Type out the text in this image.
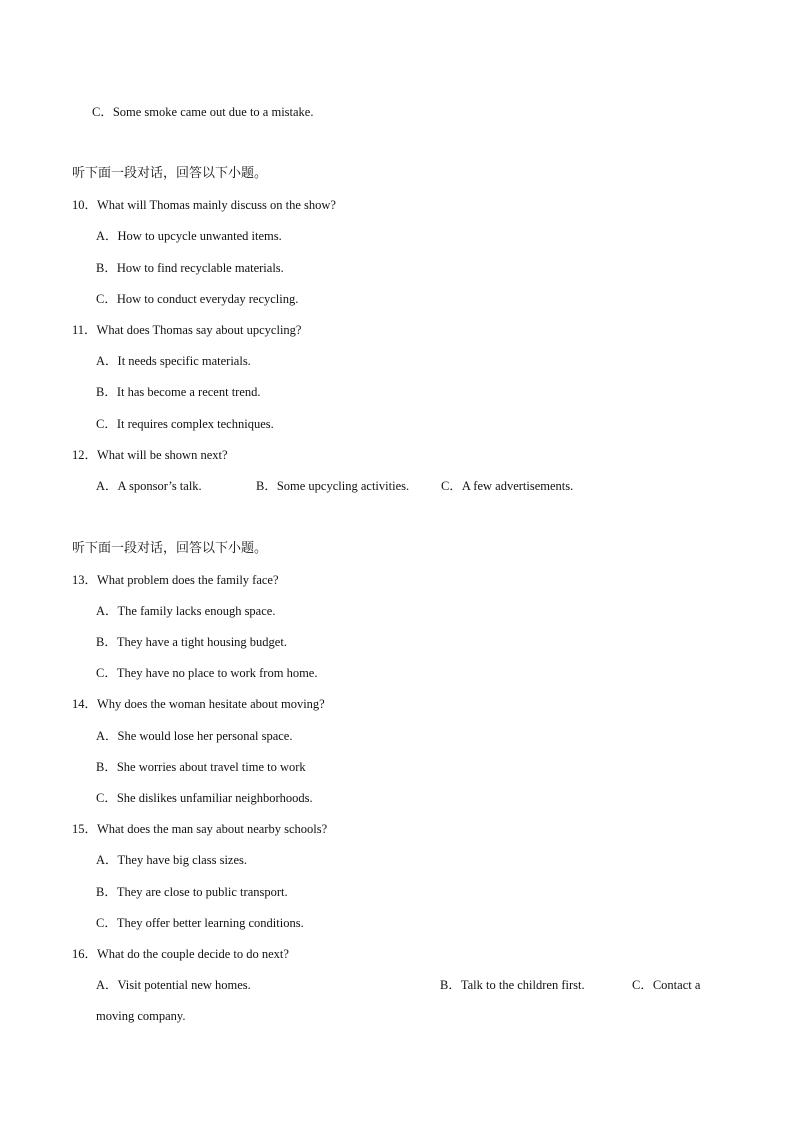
C．Some smoke came out due to a mistake.
听下面一段对话，回答以下小题。
10．What will Thomas mainly discuss on the show?
A．How to upcycle unwanted items.
B．How to find recyclable materials.
C．How to conduct everyday recycling.
11．What does Thomas say about upcycling?
A．It needs specific materials.
B．It has become a recent trend.
C．It requires complex techniques.
12．What will be shown next?
A．A sponsor’s talk.	B．Some upcycling activities.	C．A few advertisements.
听下面一段对话，回答以下小题。
13．What problem does the family face?
A．The family lacks enough space.
B．They have a tight housing budget.
C．They have no place to work from home.
14．Why does the woman hesitate about moving?
A．She would lose her personal space.
B．She worries about travel time to work
C．She dislikes unfamiliar neighborhoods.
15．What does the man say about nearby schools?
A．They have big class sizes.
B．They are close to public transport.
C．They offer better learning conditions.
16．What do the couple decide to do next?
A．Visit potential new homes.	B．Talk to the children first.	C．Contact a
moving company.
